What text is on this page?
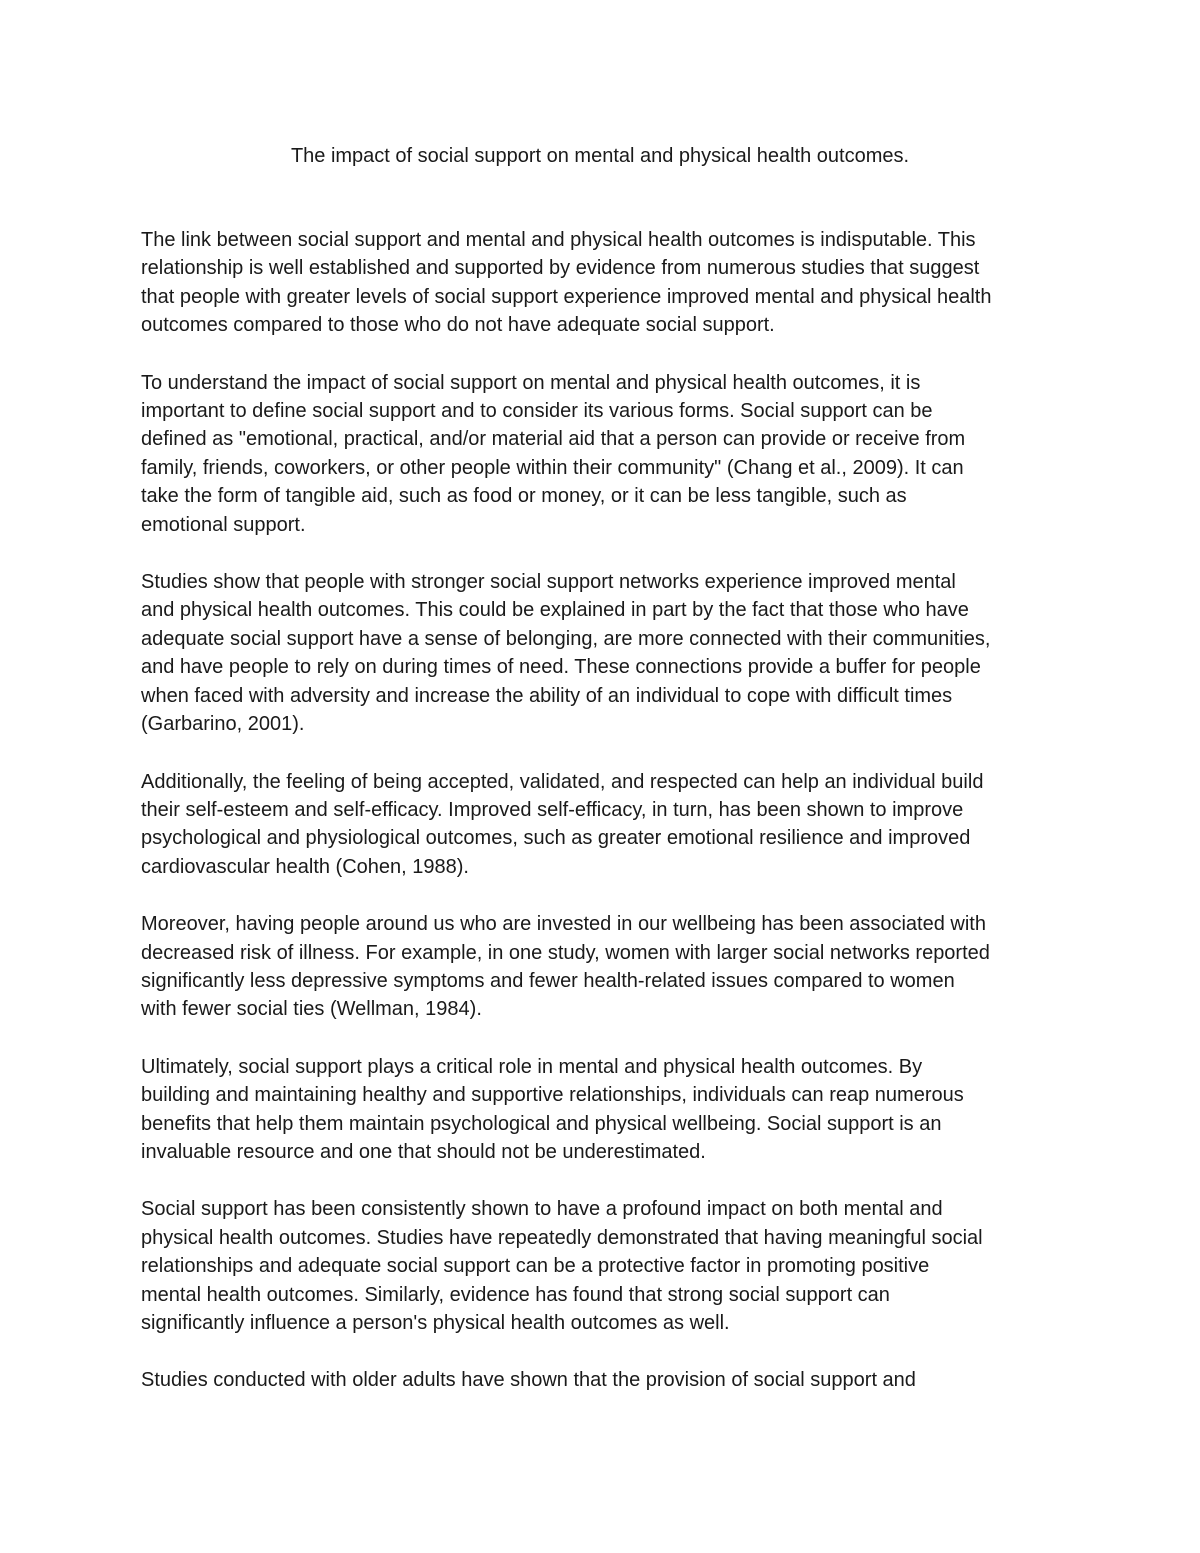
The impact of social support on mental and physical health outcomes.

The link between social support and mental and physical health outcomes is indisputable. This
relationship is well established and supported by evidence from numerous studies that suggest
that people with greater levels of social support experience improved mental and physical health
outcomes compared to those who do not have adequate social support.

To understand the impact of social support on mental and physical health outcomes, it is
important to define social support and to consider its various forms. Social support can be
defined as "emotional, practical, and/or material aid that a person can provide or receive from
family, friends, coworkers, or other people within their community" (Chang et al., 2009). It can
take the form of tangible aid, such as food or money, or it can be less tangible, such as
emotional support.

Studies show that people with stronger social support networks experience improved mental
and physical health outcomes. This could be explained in part by the fact that those who have
adequate social support have a sense of belonging, are more connected with their communities,
and have people to rely on during times of need. These connections provide a buffer for people
when faced with adversity and increase the ability of an individual to cope with difficult times
(Garbarino, 2001).

Additionally, the feeling of being accepted, validated, and respected can help an individual build
their self-esteem and self-efficacy. Improved self-efficacy, in turn, has been shown to improve
psychological and physiological outcomes, such as greater emotional resilience and improved
cardiovascular health (Cohen, 1988).

Moreover, having people around us who are invested in our wellbeing has been associated with
decreased risk of illness. For example, in one study, women with larger social networks reported
significantly less depressive symptoms and fewer health-related issues compared to women
with fewer social ties (Wellman, 1984).

Ultimately, social support plays a critical role in mental and physical health outcomes. By
building and maintaining healthy and supportive relationships, individuals can reap numerous
benefits that help them maintain psychological and physical wellbeing. Social support is an
invaluable resource and one that should not be underestimated.

Social support has been consistently shown to have a profound impact on both mental and
physical health outcomes. Studies have repeatedly demonstrated that having meaningful social
relationships and adequate social support can be a protective factor in promoting positive
mental health outcomes. Similarly, evidence has found that strong social support can
significantly influence a person's physical health outcomes as well.

Studies conducted with older adults have shown that the provision of social support and
